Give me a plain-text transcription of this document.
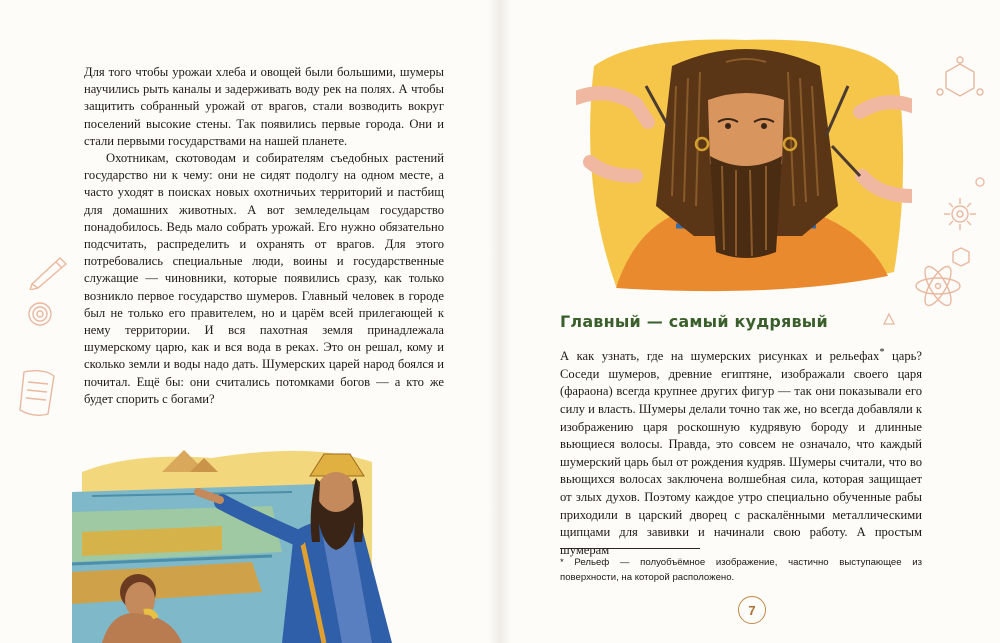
Для того чтобы урожаи хлеба и овощей были большими, шумеры научились рыть каналы и задерживать воду рек на полях. А чтобы защитить собранный урожай от врагов, стали возводить вокруг поселений высокие стены. Так появились первые города. Они и стали первыми государствами на нашей планете.

Охотникам, скотоводам и собирателям съедобных растений государство ни к чему: они не сидят подолгу на одном месте, а часто уходят в поисках новых охотничьих территорий и пастбищ для домашних животных. А вот земледельцам государство понадобилось. Ведь мало собрать урожай. Его нужно обязательно подсчитать, распределить и охранять от врагов. Для этого потребовались специальные люди, воины и государственные служащие — чиновники, которые появились сразу, как только возникло первое государство шумеров. Главный человек в городе был не только его правителем, но и царём всей прилегающей к нему территории. И вся пахотная земля принадлежала шумерскому царю, как и вся вода в реках. Это он решал, кому и сколько земли и воды надо дать. Шумерских царей народ боялся и почитал. Ещё бы: они считались потомками богов — а кто же будет спорить с богами?

Главный — самый кудрявый

А как узнать, где на шумерских рисунках и рельефах* царь? Соседи шумеров, древние египтяне, изображали своего царя (фараона) всегда крупнее других фигур — так они показывали его силу и власть. Шумеры делали точно так же, но всегда добавляли к изображению царя роскошную кудрявую бороду и длинные вьющиеся волосы. Правда, это совсем не означало, что каждый шумерский царь был от рождения кудряв. Шумеры считали, что во вьющихся волосах заключена волшебная сила, которая защищает от злых духов. Поэтому каждое утро специально обученные рабы приходили в царский дворец с раскалёнными металлическими щипцами для завивки и начинали свою работу. А простым шумерам

* Рельеф — полуобъёмное изображение, частично выступающее из поверхности, на которой расположено.

7
